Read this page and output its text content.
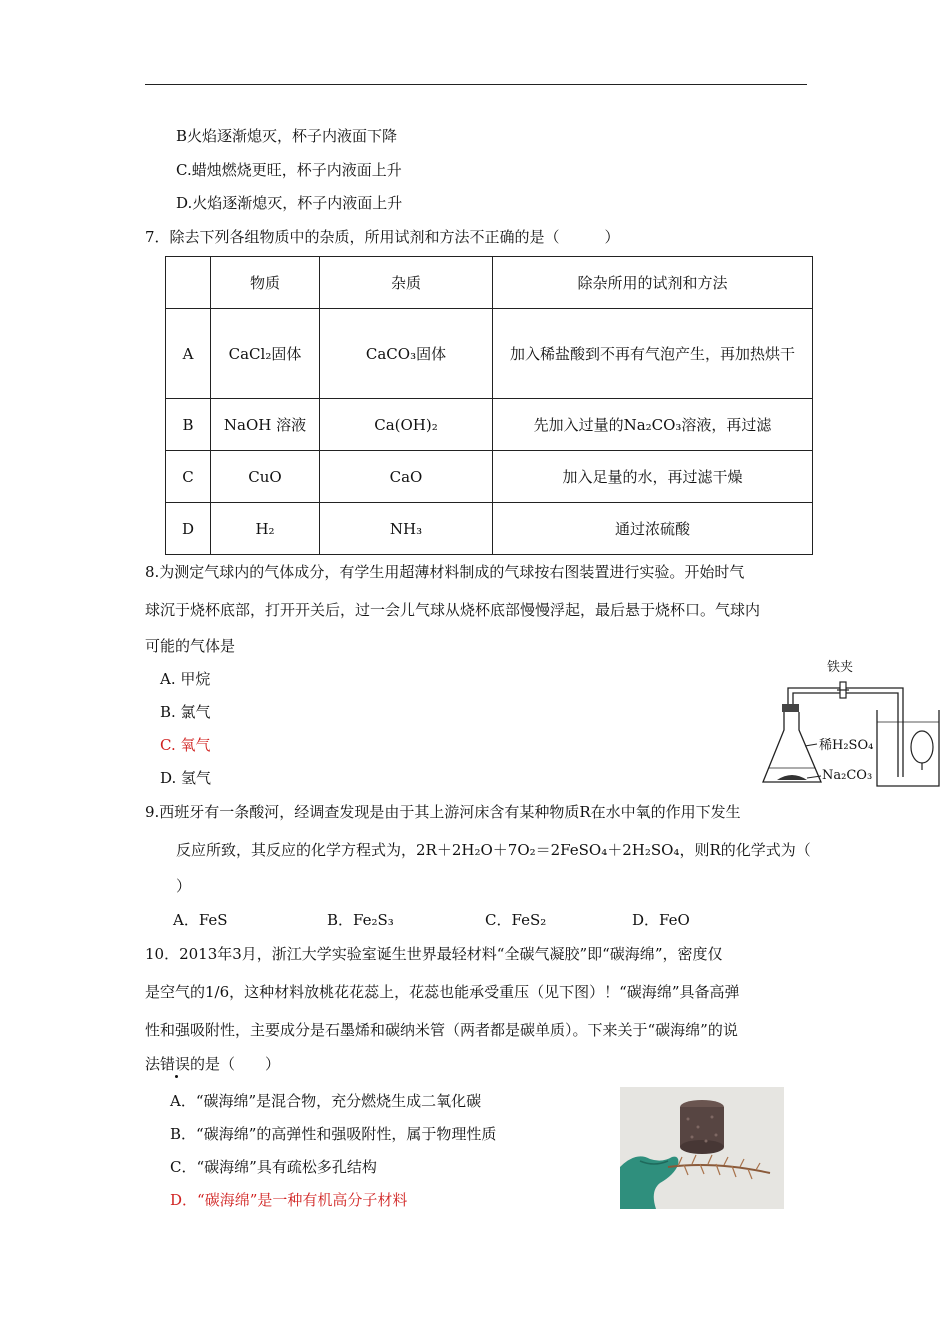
B火焰逐渐熄灭，杯子内液面下降
C.蜡烛燃烧更旺，杯子内液面上升
D.火焰逐渐熄灭，杯子内液面上升
7．除去下列各组物质中的杂质，所用试剂和方法不正确的是（　　　）
	物质	杂质	除杂所用的试剂和方法
A	CaCl₂固体	CaCO₃固体	加入稀盐酸到不再有气泡产生，再加热烘干

B	NaOH 溶液	Ca(OH)₂	先加入过量的Na₂CO₃溶液，再过滤
C	CuO	CaO	加入足量的水，再过滤干燥
D	H₂	NH₃	通过浓硫酸
8.为测定气球内的气体成分，有学生用超薄材料制成的气球按右图装置进行实验。开始时气
球沉于烧杯底部，打开开关后，过一会儿气球从烧杯底部慢慢浮起，最后悬于烧杯口。气球内
可能的气体是
A. 甲烷
B. 氯气
C. 氧气
D. 氢气
铁夹
稀H₂SO₄
Na₂CO₃
9.西班牙有一条酸河，经调查发现是由于其上游河床含有某种物质R在水中氧的作用下发生
反应所致，其反应的化学方程式为，2R＋2H₂O＋7O₂＝2FeSO₄＋2H₂SO₄，则R的化学式为（
）
A．FeS	B．Fe₂S₃	C．FeS₂	D．FeO
10．2013年3月，浙江大学实验室诞生世界最轻材料“全碳气凝胶”即“碳海绵”，密度仅
是空气的1/6，这种材料放桃花花蕊上，花蕊也能承受重压（见下图）！“碳海绵”具备高弹
性和强吸附性，主要成分是石墨烯和碳纳米管（两者都是碳单质）。下来关于“碳海绵”的说
法错误的是（　　）
A．“碳海绵”是混合物，充分燃烧生成二氧化碳
B．“碳海绵”的高弹性和强吸附性，属于物理性质
C．“碳海绵”具有疏松多孔结构
D．“碳海绵”是一种有机高分子材料
